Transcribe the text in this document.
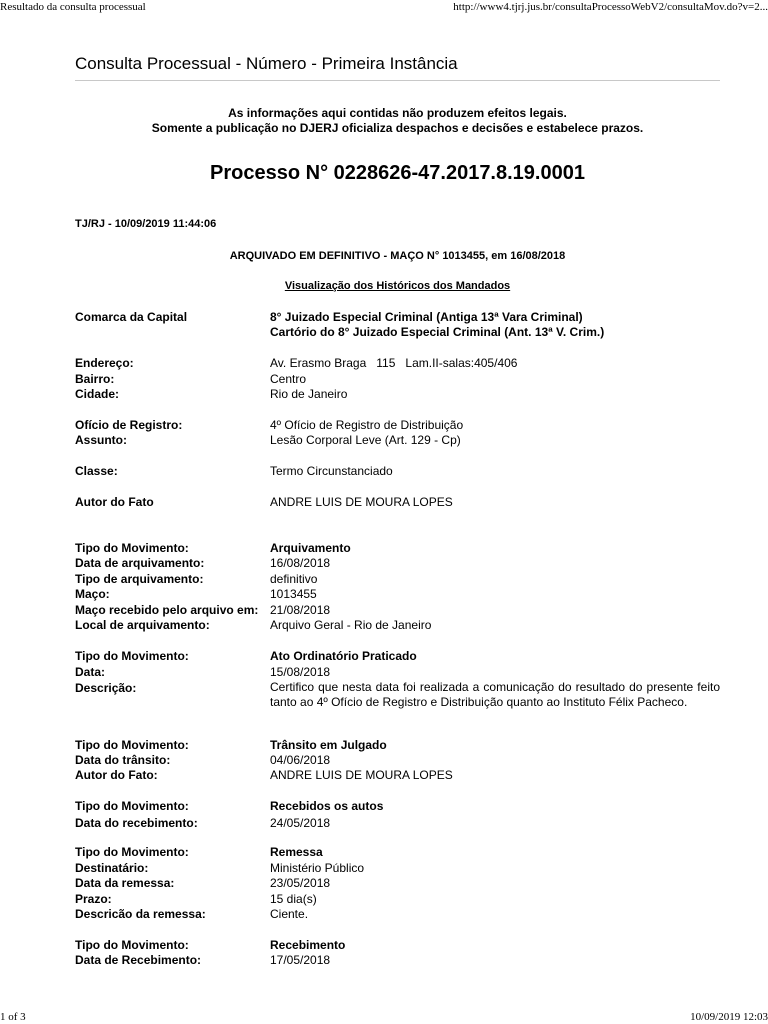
Resultado da consulta processual	http://www4.tjrj.jus.br/consultaProcessoWebV2/consultaMov.do?v=2...
1 of 3	10/09/2019 12:03
Consulta Processual - Número - Primeira Instância
As informações aqui contidas não produzem efeitos legais.
Somente a publicação no DJERJ oficializa despachos e decisões e estabelece prazos.
Processo N° 0228626-47.2017.8.19.0001
TJ/RJ - 10/09/2019 11:44:06
ARQUIVADO EM DEFINITIVO - MAÇO N° 1013455, em 16/08/2018
Visualização dos Históricos dos Mandados
Comarca da Capital	8° Juizado Especial Criminal (Antiga 13ª Vara Criminal)
Cartório do 8° Juizado Especial Criminal (Ant. 13ª V. Crim.)
Endereço:	Av. Erasmo Braga   115   Lam.II-salas:405/406
Bairro:	Centro
Cidade:	Rio de Janeiro
Ofício de Registro:	4º Ofício de Registro de Distribuição
Assunto:	Lesão Corporal Leve (Art. 129 - Cp)
Classe:	Termo Circunstanciado
Autor do Fato	ANDRE LUIS DE MOURA LOPES
Tipo do Movimento:	Arquivamento
Data de arquivamento:	16/08/2018
Tipo de arquivamento:	definitivo
Maço:	1013455
Maço recebido pelo arquivo em: 21/08/2018
Local de arquivamento:	Arquivo Geral - Rio de Janeiro
Tipo do Movimento:	Ato Ordinatório Praticado
Data:	15/08/2018
Descrição:	Certifico que nesta data foi realizada a comunicação do resultado do presente feito tanto ao 4º Ofício de Registro e Distribuição quanto ao Instituto Félix Pacheco.
Tipo do Movimento:	Trânsito em Julgado
Data do trânsito:	04/06/2018
Autor do Fato:	ANDRE LUIS DE MOURA LOPES
Tipo do Movimento:	Recebidos os autos
Data do recebimento:	24/05/2018
Tipo do Movimento:	Remessa
Destinatário:	Ministério Público
Data da remessa:	23/05/2018
Prazo:	15 dia(s)
Descricão da remessa:	Ciente.
Tipo do Movimento:	Recebimento
Data de Recebimento:	17/05/2018
